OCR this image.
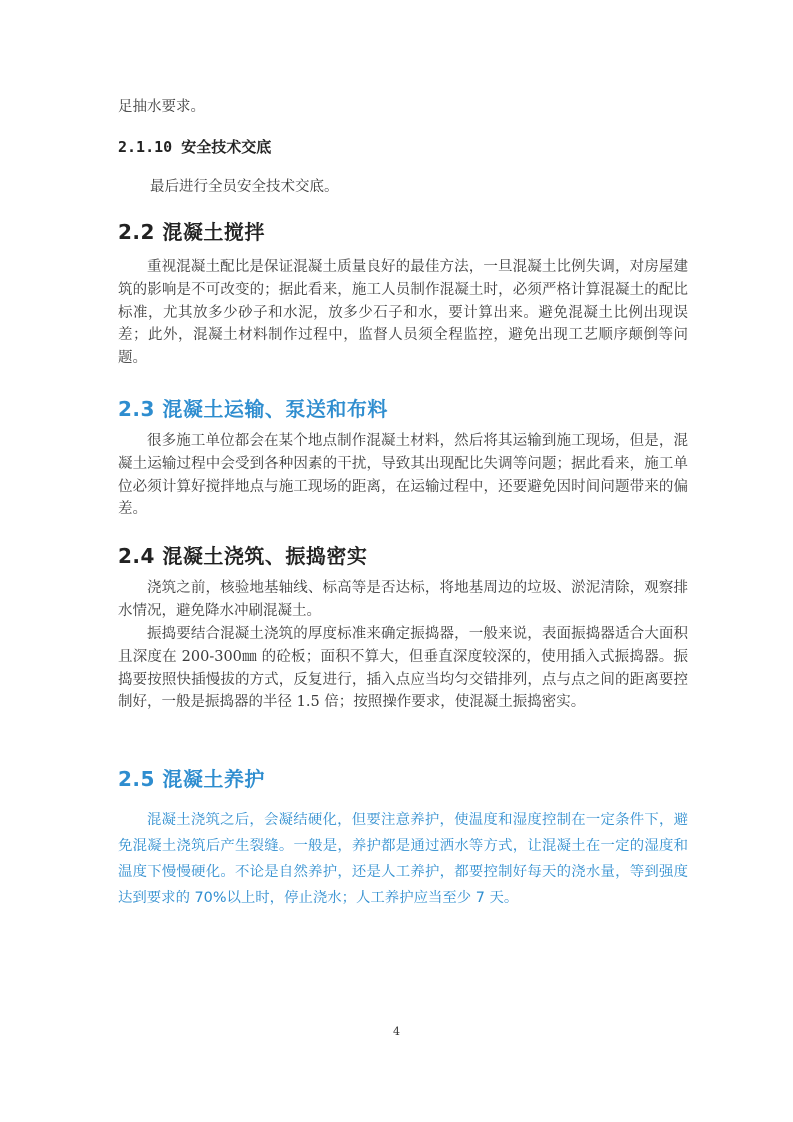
足抽水要求。

2.1.10 安全技术交底

最后进行全员安全技术交底。

2.2 混凝土搅拌

重视混凝土配比是保证混凝土质量良好的最佳方法，一旦混凝土比例失调，对房屋建筑的影响是不可改变的；据此看来，施工人员制作混凝土时，必须严格计算混凝土的配比标准，尤其放多少砂子和水泥，放多少石子和水，要计算出来。避免混凝土比例出现误差；此外，混凝土材料制作过程中，监督人员须全程监控，避免出现工艺顺序颠倒等问题。

2.3 混凝土运输、泵送和布料

很多施工单位都会在某个地点制作混凝土材料，然后将其运输到施工现场，但是，混凝土运输过程中会受到各种因素的干扰，导致其出现配比失调等问题；据此看来，施工单位必须计算好搅拌地点与施工现场的距离，在运输过程中，还要避免因时间问题带来的偏差。

2.4 混凝土浇筑、振捣密实

浇筑之前，核验地基轴线、标高等是否达标，将地基周边的垃圾、淤泥清除，观察排水情况，避免降水冲刷混凝土。

振捣要结合混凝土浇筑的厚度标准来确定振捣器，一般来说，表面振捣器适合大面积且深度在 200-300㎜ 的砼板；面积不算大，但垂直深度较深的，使用插入式振捣器。振捣要按照快插慢拔的方式，反复进行，插入点应当均匀交错排列，点与点之间的距离要控制好，一般是振捣器的半径 1.5 倍；按照操作要求，使混凝土振捣密实。

2.5 混凝土养护

混凝土浇筑之后，会凝结硬化，但要注意养护，使温度和湿度控制在一定条件下，避免混凝土浇筑后产生裂缝。一般是，养护都是通过洒水等方式，让混凝土在一定的湿度和温度下慢慢硬化。不论是自然养护，还是人工养护，都要控制好每天的浇水量，等到强度达到要求的 70%以上时，停止浇水；人工养护应当至少 7 天。

4
